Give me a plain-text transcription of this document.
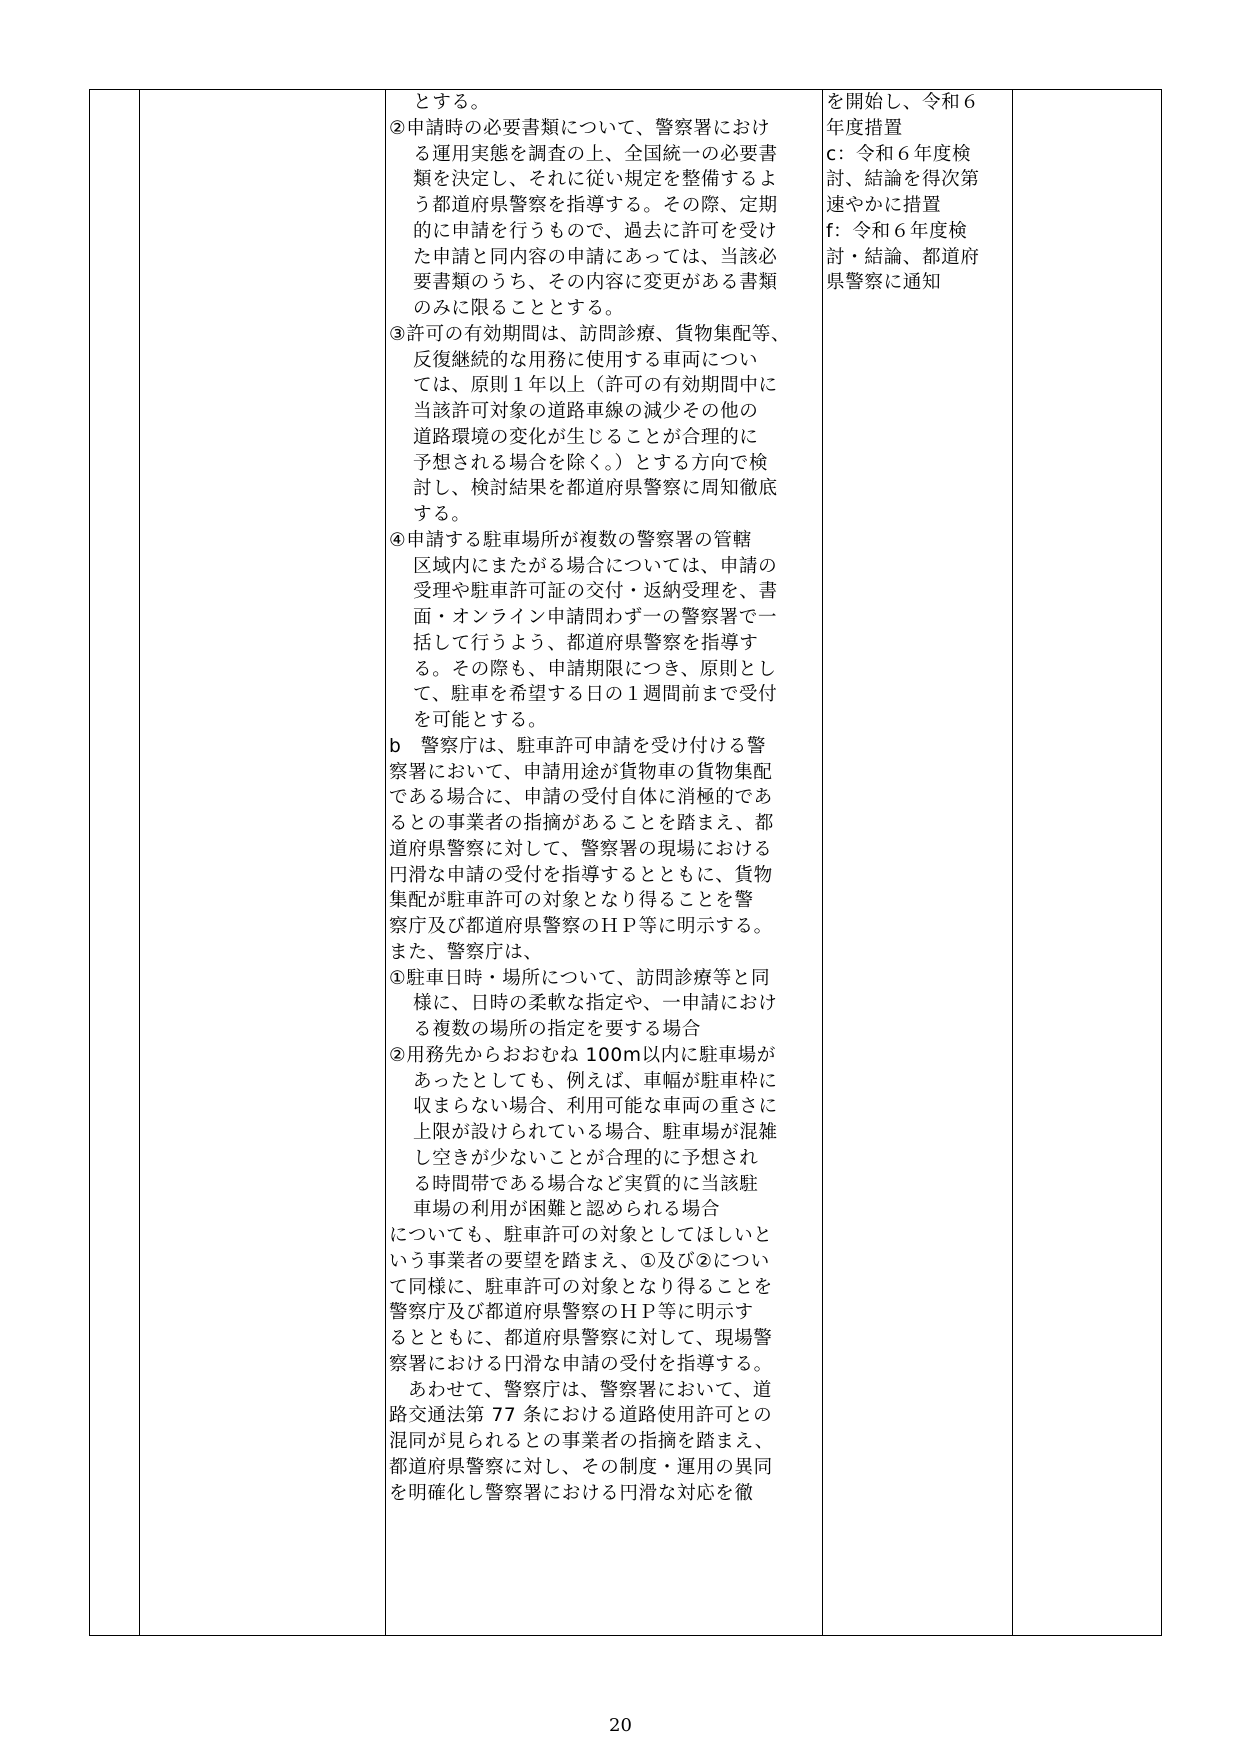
とする。
②申請時の必要書類について、警察署におけ
る運用実態を調査の上、全国統一の必要書
類を決定し、それに従い規定を整備するよ
う都道府県警察を指導する。その際、定期
的に申請を行うもので、過去に許可を受け
た申請と同内容の申請にあっては、当該必
要書類のうち、その内容に変更がある書類
のみに限ることとする。
③許可の有効期間は、訪問診療、貨物集配等、
反復継続的な用務に使用する車両につい
ては、原則１年以上（許可の有効期間中に
当該許可対象の道路車線の減少その他の
道路環境の変化が生じることが合理的に
予想される場合を除く。）とする方向で検
討し、検討結果を都道府県警察に周知徹底
する。
④申請する駐車場所が複数の警察署の管轄
区域内にまたがる場合については、申請の
受理や駐車許可証の交付・返納受理を、書
面・オンライン申請問わず一の警察署で一
括して行うよう、都道府県警察を指導す
る。その際も、申請期限につき、原則とし
て、駐車を希望する日の１週間前まで受付
を可能とする。
b　警察庁は、駐車許可申請を受け付ける警
察署において、申請用途が貨物車の貨物集配
である場合に、申請の受付自体に消極的であ
るとの事業者の指摘があることを踏まえ、都
道府県警察に対して、警察署の現場における
円滑な申請の受付を指導するとともに、貨物
集配が駐車許可の対象となり得ることを警
察庁及び都道府県警察のＨＰ等に明示する。
また、警察庁は、
①駐車日時・場所について、訪問診療等と同
様に、日時の柔軟な指定や、一申請におけ
る複数の場所の指定を要する場合
②用務先からおおむね 100m以内に駐車場が
あったとしても、例えば、車幅が駐車枠に
収まらない場合、利用可能な車両の重さに
上限が設けられている場合、駐車場が混雑
し空きが少ないことが合理的に予想され
る時間帯である場合など実質的に当該駐
車場の利用が困難と認められる場合
についても、駐車許可の対象としてほしいと
いう事業者の要望を踏まえ、①及び②につい
て同様に、駐車許可の対象となり得ることを
警察庁及び都道府県警察のＨＰ等に明示す
るとともに、都道府県警察に対して、現場警
察署における円滑な申請の受付を指導する。
あわせて、警察庁は、警察署において、道
路交通法第 77 条における道路使用許可との
混同が見られるとの事業者の指摘を踏まえ、
都道府県警察に対し、その制度・運用の異同
を明確化し警察署における円滑な対応を徹

を開始し、令和６
年度措置
c：令和６年度検
討、結論を得次第
速やかに措置
f：令和６年度検
討・結論、都道府
県警察に通知

20
